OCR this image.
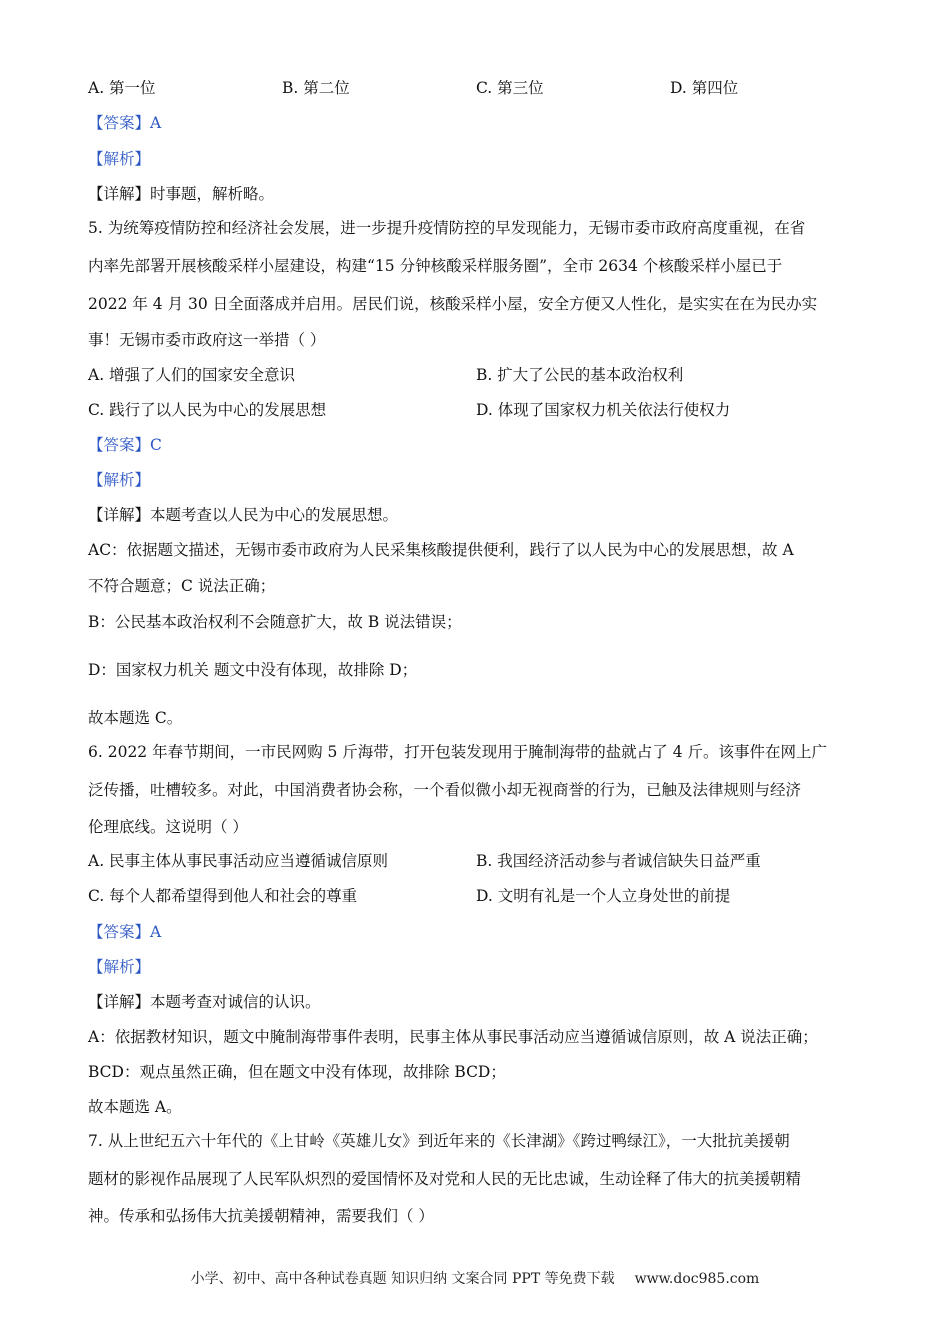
A. 第一位	B. 第二位	C. 第三位	D. 第四位
【答案】A
【解析】
【详解】时事题，解析略。
5. 为统筹疫情防控和经济社会发展，进一步提升疫情防控的早发现能力，无锡市委市政府高度重视，在省
内率先部署开展核酸采样小屋建设，构建“15 分钟核酸采样服务圈”，全市 2634 个核酸采样小屋已于
2022 年 4 月 30 日全面落成并启用。居民们说，核酸采样小屋，安全方便又人性化，是实实在在为民办实
事！无锡市委市政府这一举措（ ）
A. 增强了人们的国家安全意识	B. 扩大了公民的基本政治权利
C. 践行了以人民为中心的发展思想	D. 体现了国家权力机关依法行使权力
【答案】C
【解析】
【详解】本题考查以人民为中心的发展思想。
AC：依据题文描述，无锡市委市政府为人民采集核酸提供便利，践行了以人民为中心的发展思想，故 A
不符合题意；C 说法正确；
B：公民基本政治权利不会随意扩大，故 B 说法错误；
D：国家权力机关 题文中没有体现，故排除 D；
故本题选 C。
6. 2022 年春节期间，一市民网购 5 斤海带，打开包装发现用于腌制海带的盐就占了 4 斤。该事件在网上广
泛传播，吐槽较多。对此，中国消费者协会称，一个看似微小却无视商誉的行为，已触及法律规则与经济
伦理底线。这说明（ ）
A. 民事主体从事民事活动应当遵循诚信原则	B. 我国经济活动参与者诚信缺失日益严重
C. 每个人都希望得到他人和社会的尊重	D. 文明有礼是一个人立身处世的前提
【答案】A
【解析】
【详解】本题考查对诚信的认识。
A：依据教材知识，题文中腌制海带事件表明，民事主体从事民事活动应当遵循诚信原则，故 A 说法正确；
BCD：观点虽然正确，但在题文中没有体现，故排除 BCD；
故本题选 A。
7. 从上世纪五六十年代的《上甘岭《英雄儿女》到近年来的《长津湖》《跨过鸭绿江》，一大批抗美援朝
题材的影视作品展现了人民军队炽烈的爱国情怀及对党和人民的无比忠诚，生动诠释了伟大的抗美援朝精
神。传承和弘扬伟大抗美援朝精神，需要我们（ ）
小学、初中、高中各种试卷真题 知识归纳 文案合同 PPT 等免费下载 www.doc985.com
